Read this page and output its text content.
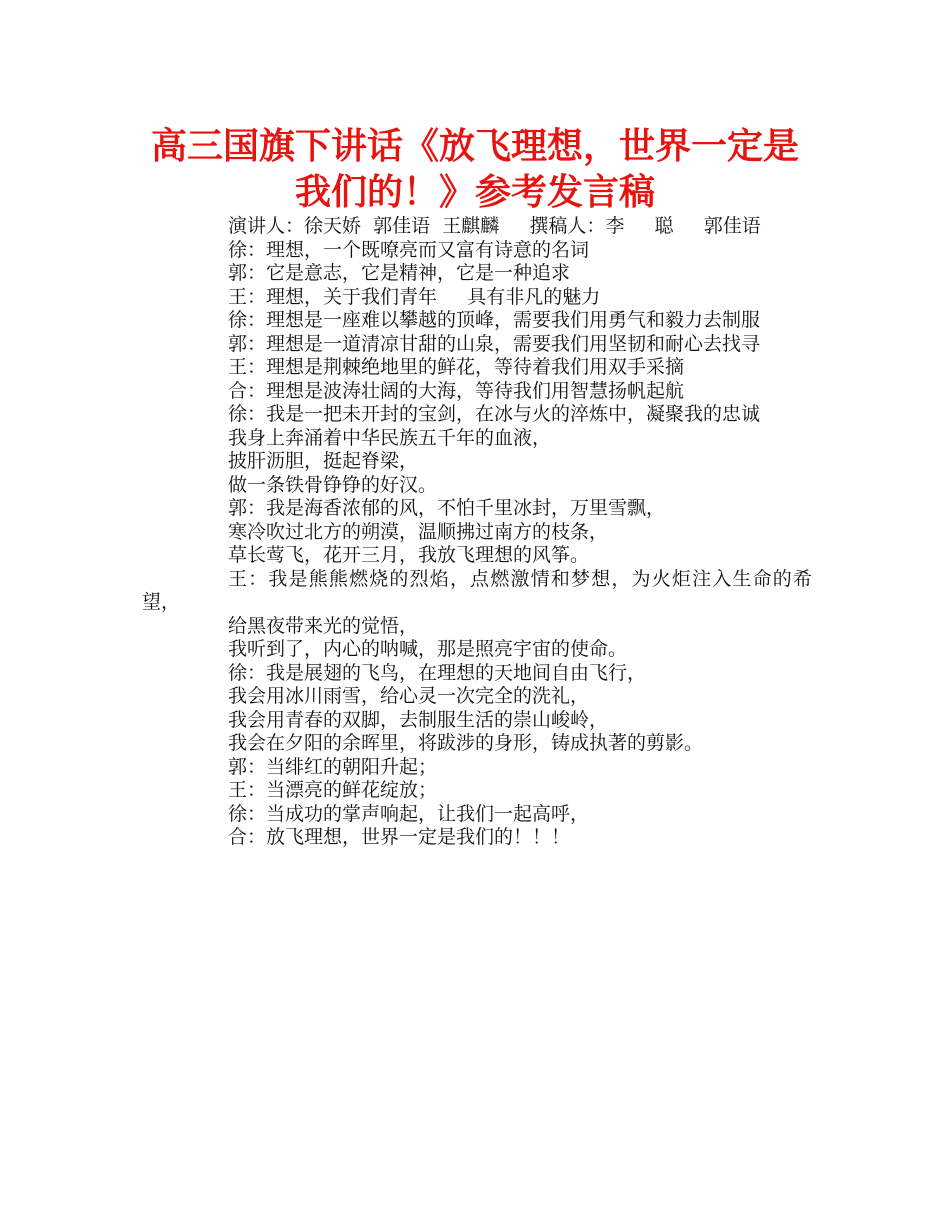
高三国旗下讲话《放飞理想，世界一定是我们的！》参考发言稿

演讲人：徐天娇  郭佳语  王麒麟     撰稿人：李     聪     郭佳语

徐：理想，一个既嘹亮而又富有诗意的名词

郭：它是意志，它是精神，它是一种追求

王：理想，关于我们青年     具有非凡的魅力

徐：理想是一座难以攀越的顶峰，需要我们用勇气和毅力去制服

郭：理想是一道清凉甘甜的山泉，需要我们用坚韧和耐心去找寻

王：理想是荆棘绝地里的鲜花，等待着我们用双手采摘

合：理想是波涛壮阔的大海，等待我们用智慧扬帆起航

徐：我是一把未开封的宝剑，在冰与火的淬炼中，凝聚我的忠诚

我身上奔涌着中华民族五千年的血液，

披肝沥胆，挺起脊梁，

做一条铁骨铮铮的好汉。

郭：我是海香浓郁的风，不怕千里冰封，万里雪飘，

寒冷吹过北方的朔漠，温顺拂过南方的枝条，

草长莺飞，花开三月，我放飞理想的风筝。

王：我是熊熊燃烧的烈焰，点燃激情和梦想，为火炬注入生命的希望，

给黑夜带来光的觉悟，

我听到了，内心的呐喊，那是照亮宇宙的使命。

徐：我是展翅的飞鸟，在理想的天地间自由飞行，

我会用冰川雨雪，给心灵一次完全的洗礼，

我会用青春的双脚，去制服生活的崇山峻岭，

我会在夕阳的余晖里，将跋涉的身形，铸成执著的剪影。

郭：当绯红的朝阳升起；

王：当漂亮的鲜花绽放；

徐：当成功的掌声响起，让我们一起高呼，

合：放飞理想，世界一定是我们的！！！
